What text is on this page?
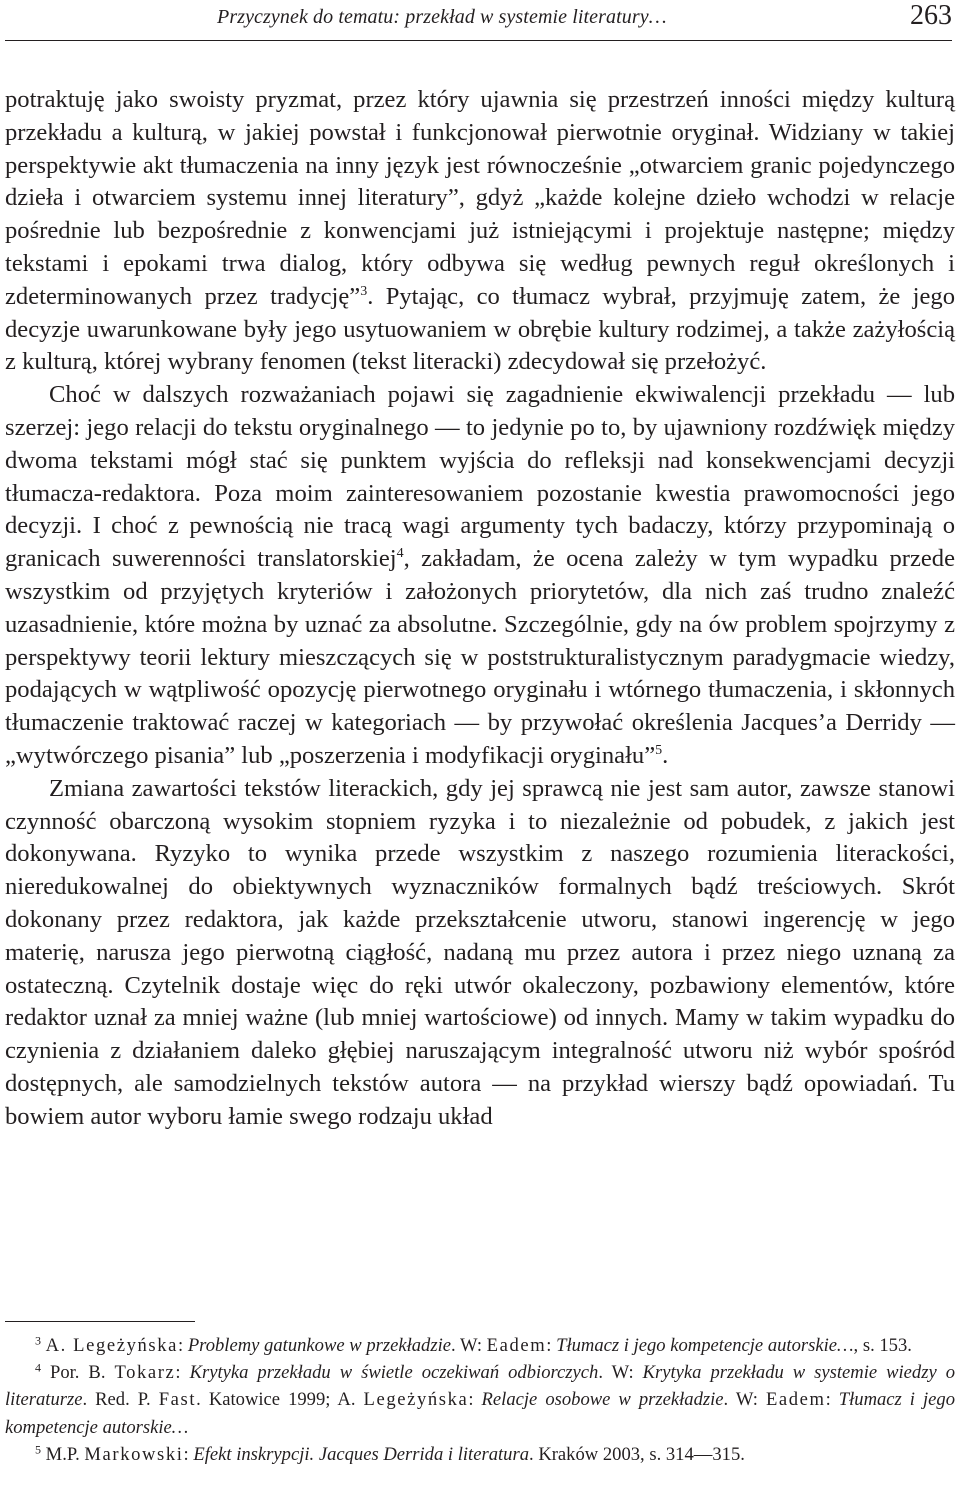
Przyczynek do tematu: przekład w systemie literatury…	263

potraktuję jako swoisty pryzmat, przez który ujawnia się przestrzeń inności między kulturą przekładu a kulturą, w jakiej powstał i funkcjonował pierwotnie oryginał. Widziany w takiej perspektywie akt tłumaczenia na inny język jest równocześnie „otwarciem granic pojedynczego dzieła i otwarciem systemu innej literatury”, gdyż „każde kolejne dzieło wchodzi w relacje pośrednie lub bezpośrednie z konwencjami już istniejącymi i projektuje następne; między tekstami i epokami trwa dialog, który odbywa się według pewnych reguł określonych i zdeterminowanych przez tradycję”$^3$. Pytając, co tłumacz wybrał, przyjmuję zatem, że jego decyzje uwarunkowane były jego usytuowaniem w obrębie kultury rodzimej, a także zażyłością z kulturą, której wybrany fenomen (tekst literacki) zdecydował się przełożyć.

Choć w dalszych rozważaniach pojawi się zagadnienie ekwiwalencji przekładu — lub szerzej: jego relacji do tekstu oryginalnego — to jedynie po to, by ujawniony rozdźwięk między dwoma tekstami mógł stać się punktem wyjścia do refleksji nad konsekwencjami decyzji tłumacza-redaktora. Poza moim zainteresowaniem pozostanie kwestia prawomocności jego decyzji. I choć z pewnością nie tracą wagi argumenty tych badaczy, którzy przypominają o granicach suwerenności translatorskiej$^4$, zakładam, że ocena zależy w tym wypadku przede wszystkim od przyjętych kryteriów i założonych priorytetów, dla nich zaś trudno znaleźć uzasadnienie, które można by uznać za absolutne. Szczególnie, gdy na ów problem spojrzymy z perspektywy teorii lektury mieszczących się w poststrukturalistycznym paradygmacie wiedzy, podających w wątpliwość opozycję pierwotnego oryginału i wtórnego tłumaczenia, i skłonnych tłumaczenie traktować raczej w kategoriach — by przywołać określenia Jacques’a Derridy — „wytwórczego pisania” lub „poszerzenia i modyfikacji oryginału”$^5$.

Zmiana zawartości tekstów literackich, gdy jej sprawcą nie jest sam autor, zawsze stanowi czynność obarczoną wysokim stopniem ryzyka i to niezależnie od pobudek, z jakich jest dokonywana. Ryzyko to wynika przede wszystkim z naszego rozumienia literackości, nieredukowalnej do obiektywnych wyznaczników formalnych bądź treściowych. Skrót dokonany przez redaktora, jak każde przekształcenie utworu, stanowi ingerencję w jego materię, narusza jego pierwotną ciągłość, nadaną mu przez autora i przez niego uznaną za ostateczną. Czytelnik dostaje więc do ręki utwór okaleczony, pozbawiony elementów, które redaktor uznał za mniej ważne (lub mniej wartościowe) od innych. Mamy w takim wypadku do czynienia z działaniem daleko głębiej naruszającym integralność utworu niż wybór spośród dostępnych, ale samodzielnych tekstów autora — na przykład wierszy bądź opowiadań. Tu bowiem autor wyboru łamie swego rodzaju układ

$^3$ A. Legeżyńska: Problemy gatunkowe w przekładzie. W: Eadem: Tłumacz i jego kompetencje autorskie…, s. 153.

$^4$ Por. B. Tokarz: Krytyka przekładu w świetle oczekiwań odbiorczych. W: Krytyka przekładu w systemie wiedzy o literaturze. Red. P. Fast. Katowice 1999; A. Legeżyńska: Relacje osobowe w przekładzie. W: Eadem: Tłumacz i jego kompetencje autorskie…

$^5$ M.P. Markowski: Efekt inskrypcji. Jacques Derrida i literatura. Kraków 2003, s. 314—315.
